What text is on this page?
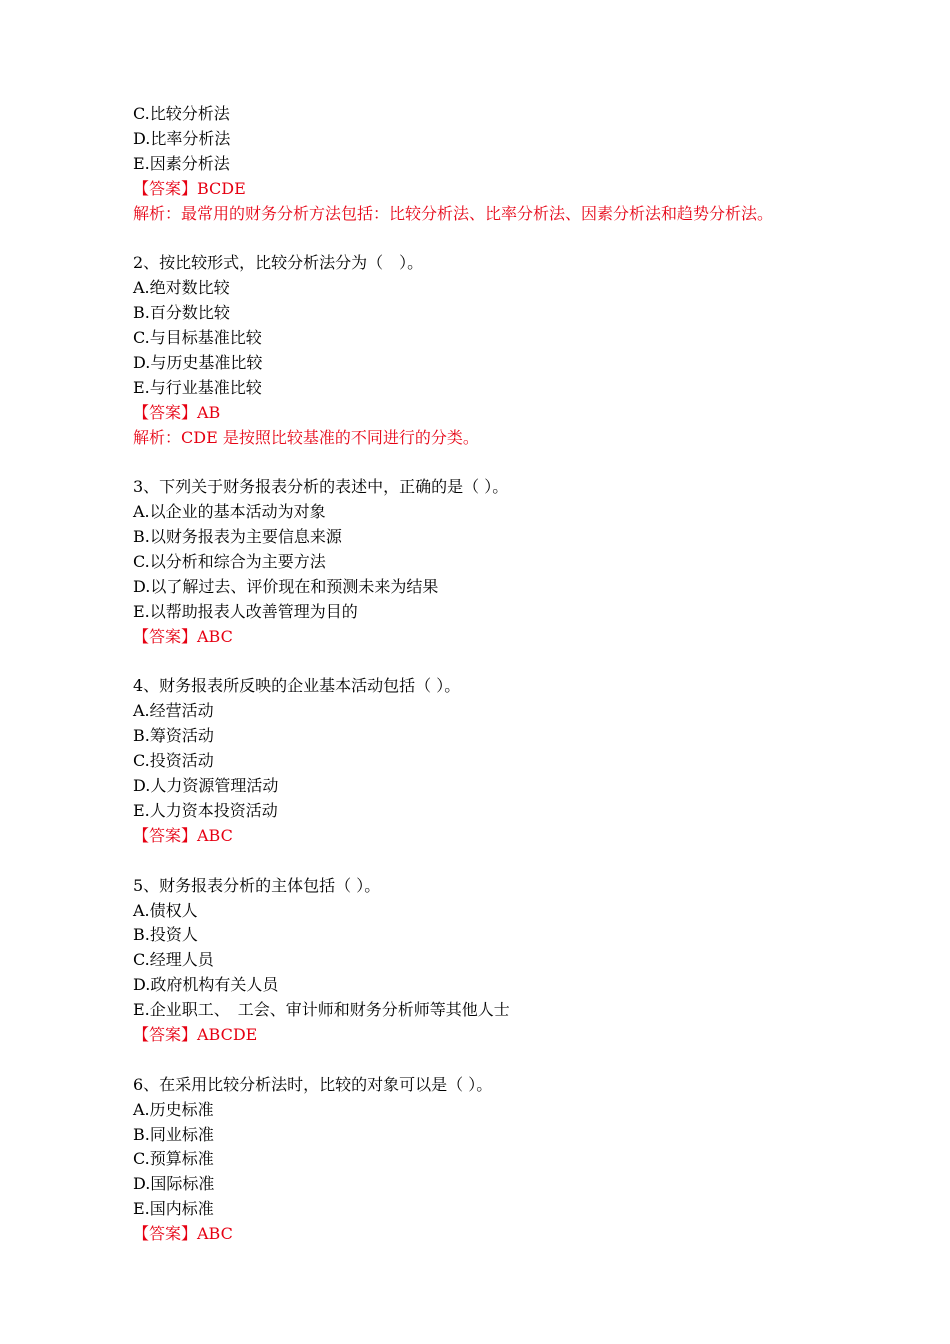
C.比较分析法
D.比率分析法
E.因素分析法
【答案】BCDE
解析：最常用的财务分析方法包括：比较分析法、比率分析法、因素分析法和趋势分析法。
2、按比较形式，比较分析法分为（　）。
A.绝对数比较
B.百分数比较
C.与目标基准比较
D.与历史基准比较
E.与行业基准比较
【答案】AB
解析：CDE 是按照比较基准的不同进行的分类。
3、下列关于财务报表分析的表述中，正确的是（ ）。
A.以企业的基本活动为对象
B.以财务报表为主要信息来源
C.以分析和综合为主要方法
D.以了解过去、评价现在和预测未来为结果
E.以帮助报表人改善管理为目的
【答案】ABC
4、财务报表所反映的企业基本活动包括（ ）。
A.经营活动
B.筹资活动
C.投资活动
D.人力资源管理活动
E.人力资本投资活动
【答案】ABC
5、财务报表分析的主体包括（ ）。
A.债权人
B.投资人
C.经理人员
D.政府机构有关人员
E.企业职工、　工会、审计师和财务分析师等其他人士
【答案】ABCDE
6、在采用比较分析法时，比较的对象可以是（ ）。
A.历史标准
B.同业标准
C.预算标准
D.国际标准
E.国内标准
【答案】ABC
